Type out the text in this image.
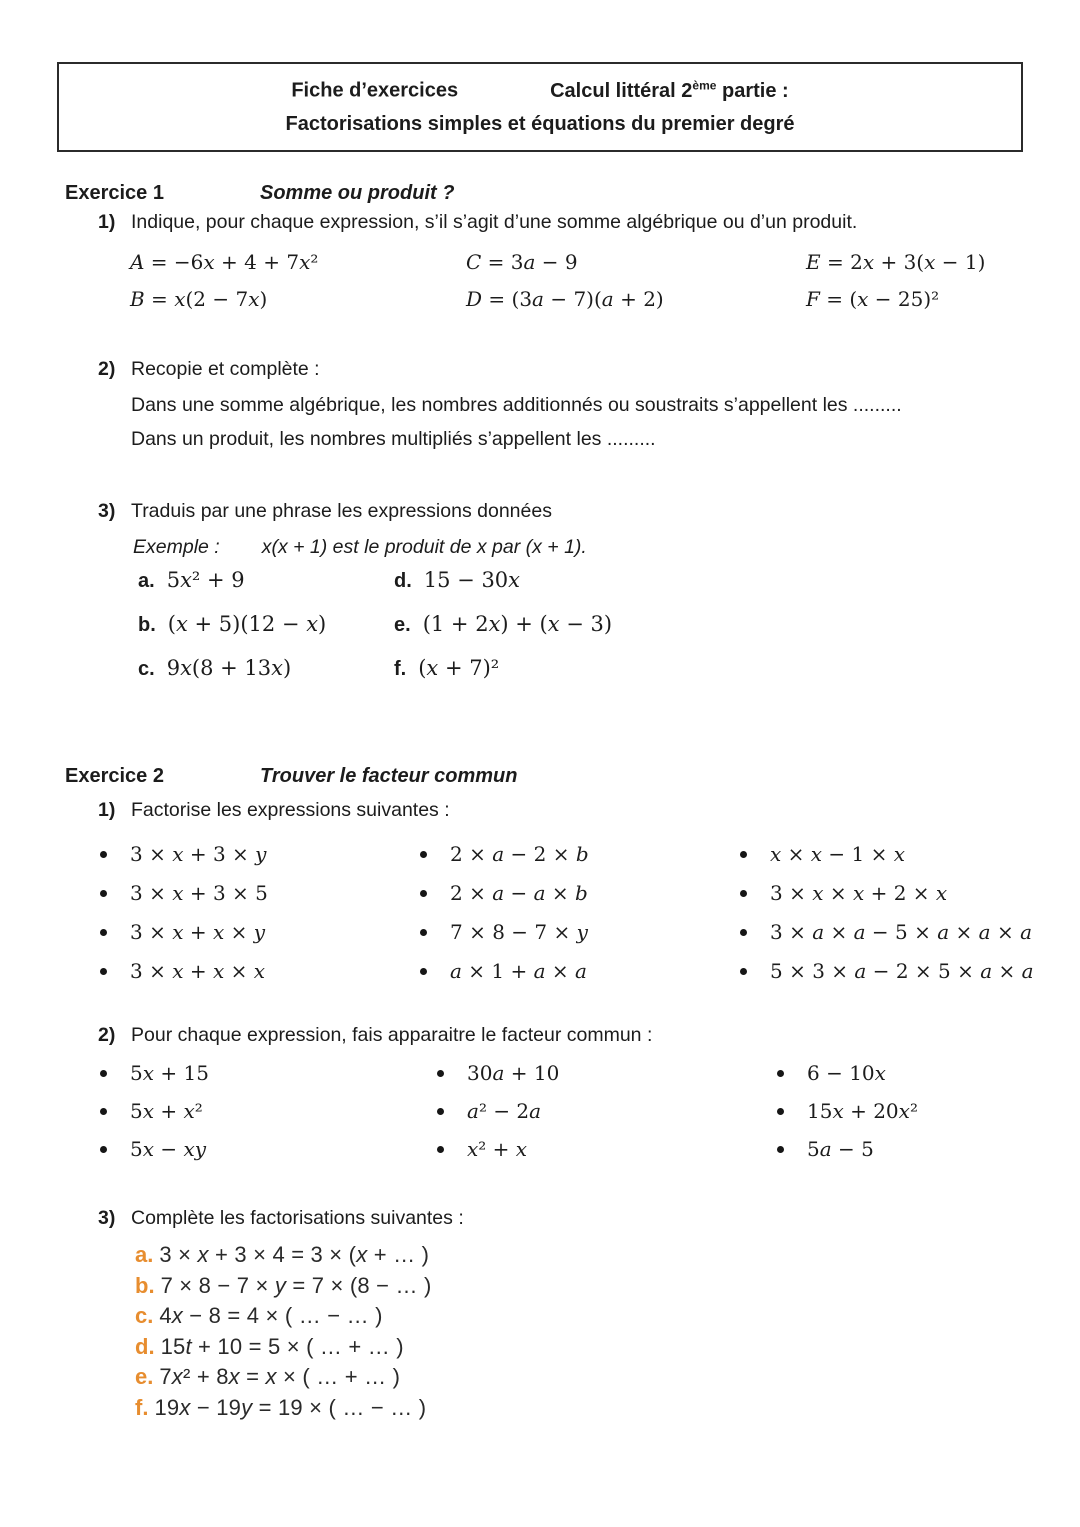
Fiche d’exercices	Calcul littéral 2ème partie :
Factorisations simples et équations du premier degré
Exercice 1	Somme ou produit ?
1) Indique, pour chaque expression, s’il s’agit d’une somme algébrique ou d’un produit.
A = −6x + 4 + 7x²	C = 3a − 9	E = 2x + 3(x − 1)
B = x(2 − 7x)	D = (3a − 7)(a + 2)	F = (x − 25)²
2) Recopie et complète :
Dans une somme algébrique, les nombres additionnés ou soustraits s’appellent les .........
Dans un produit, les nombres multipliés s’appellent les .........
3) Traduis par une phrase les expressions données
Exemple : x(x + 1) est le produit de x par (x + 1).
a. 5x² + 9	d. 15 − 30x
b. (x + 5)(12 − x)	e. (1 + 2x) + (x − 3)
c. 9x(8 + 13x)	f. (x + 7)²
Exercice 2	Trouver le facteur commun
1) Factorise les expressions suivantes :
3 × x + 3 × y	2 × a − 2 × b	x × x − 1 × x
3 × x + 3 × 5	2 × a − a × b	3 × x × x + 2 × x
3 × x + x × y	7 × 8 − 7 × y	3 × a × a − 5 × a × a × a
3 × x + x × x	a × 1 + a × a	5 × 3 × a − 2 × 5 × a × a
2) Pour chaque expression, fais apparaitre le facteur commun :
5x + 15	30a + 10	6 − 10x
5x + x²	a² − 2a	15x + 20x²
5x − xy	x² + x	5a − 5
3) Complète les factorisations suivantes :
a. 3 × x + 3 × 4 = 3 × (x + … )
b. 7 × 8 − 7 × y = 7 × (8 − … )
c. 4x − 8 = 4 × ( … − … )
d. 15t + 10 = 5 × ( … + … )
e. 7x² + 8x = x × ( … + … )
f. 19x − 19y = 19 × ( … − … )
